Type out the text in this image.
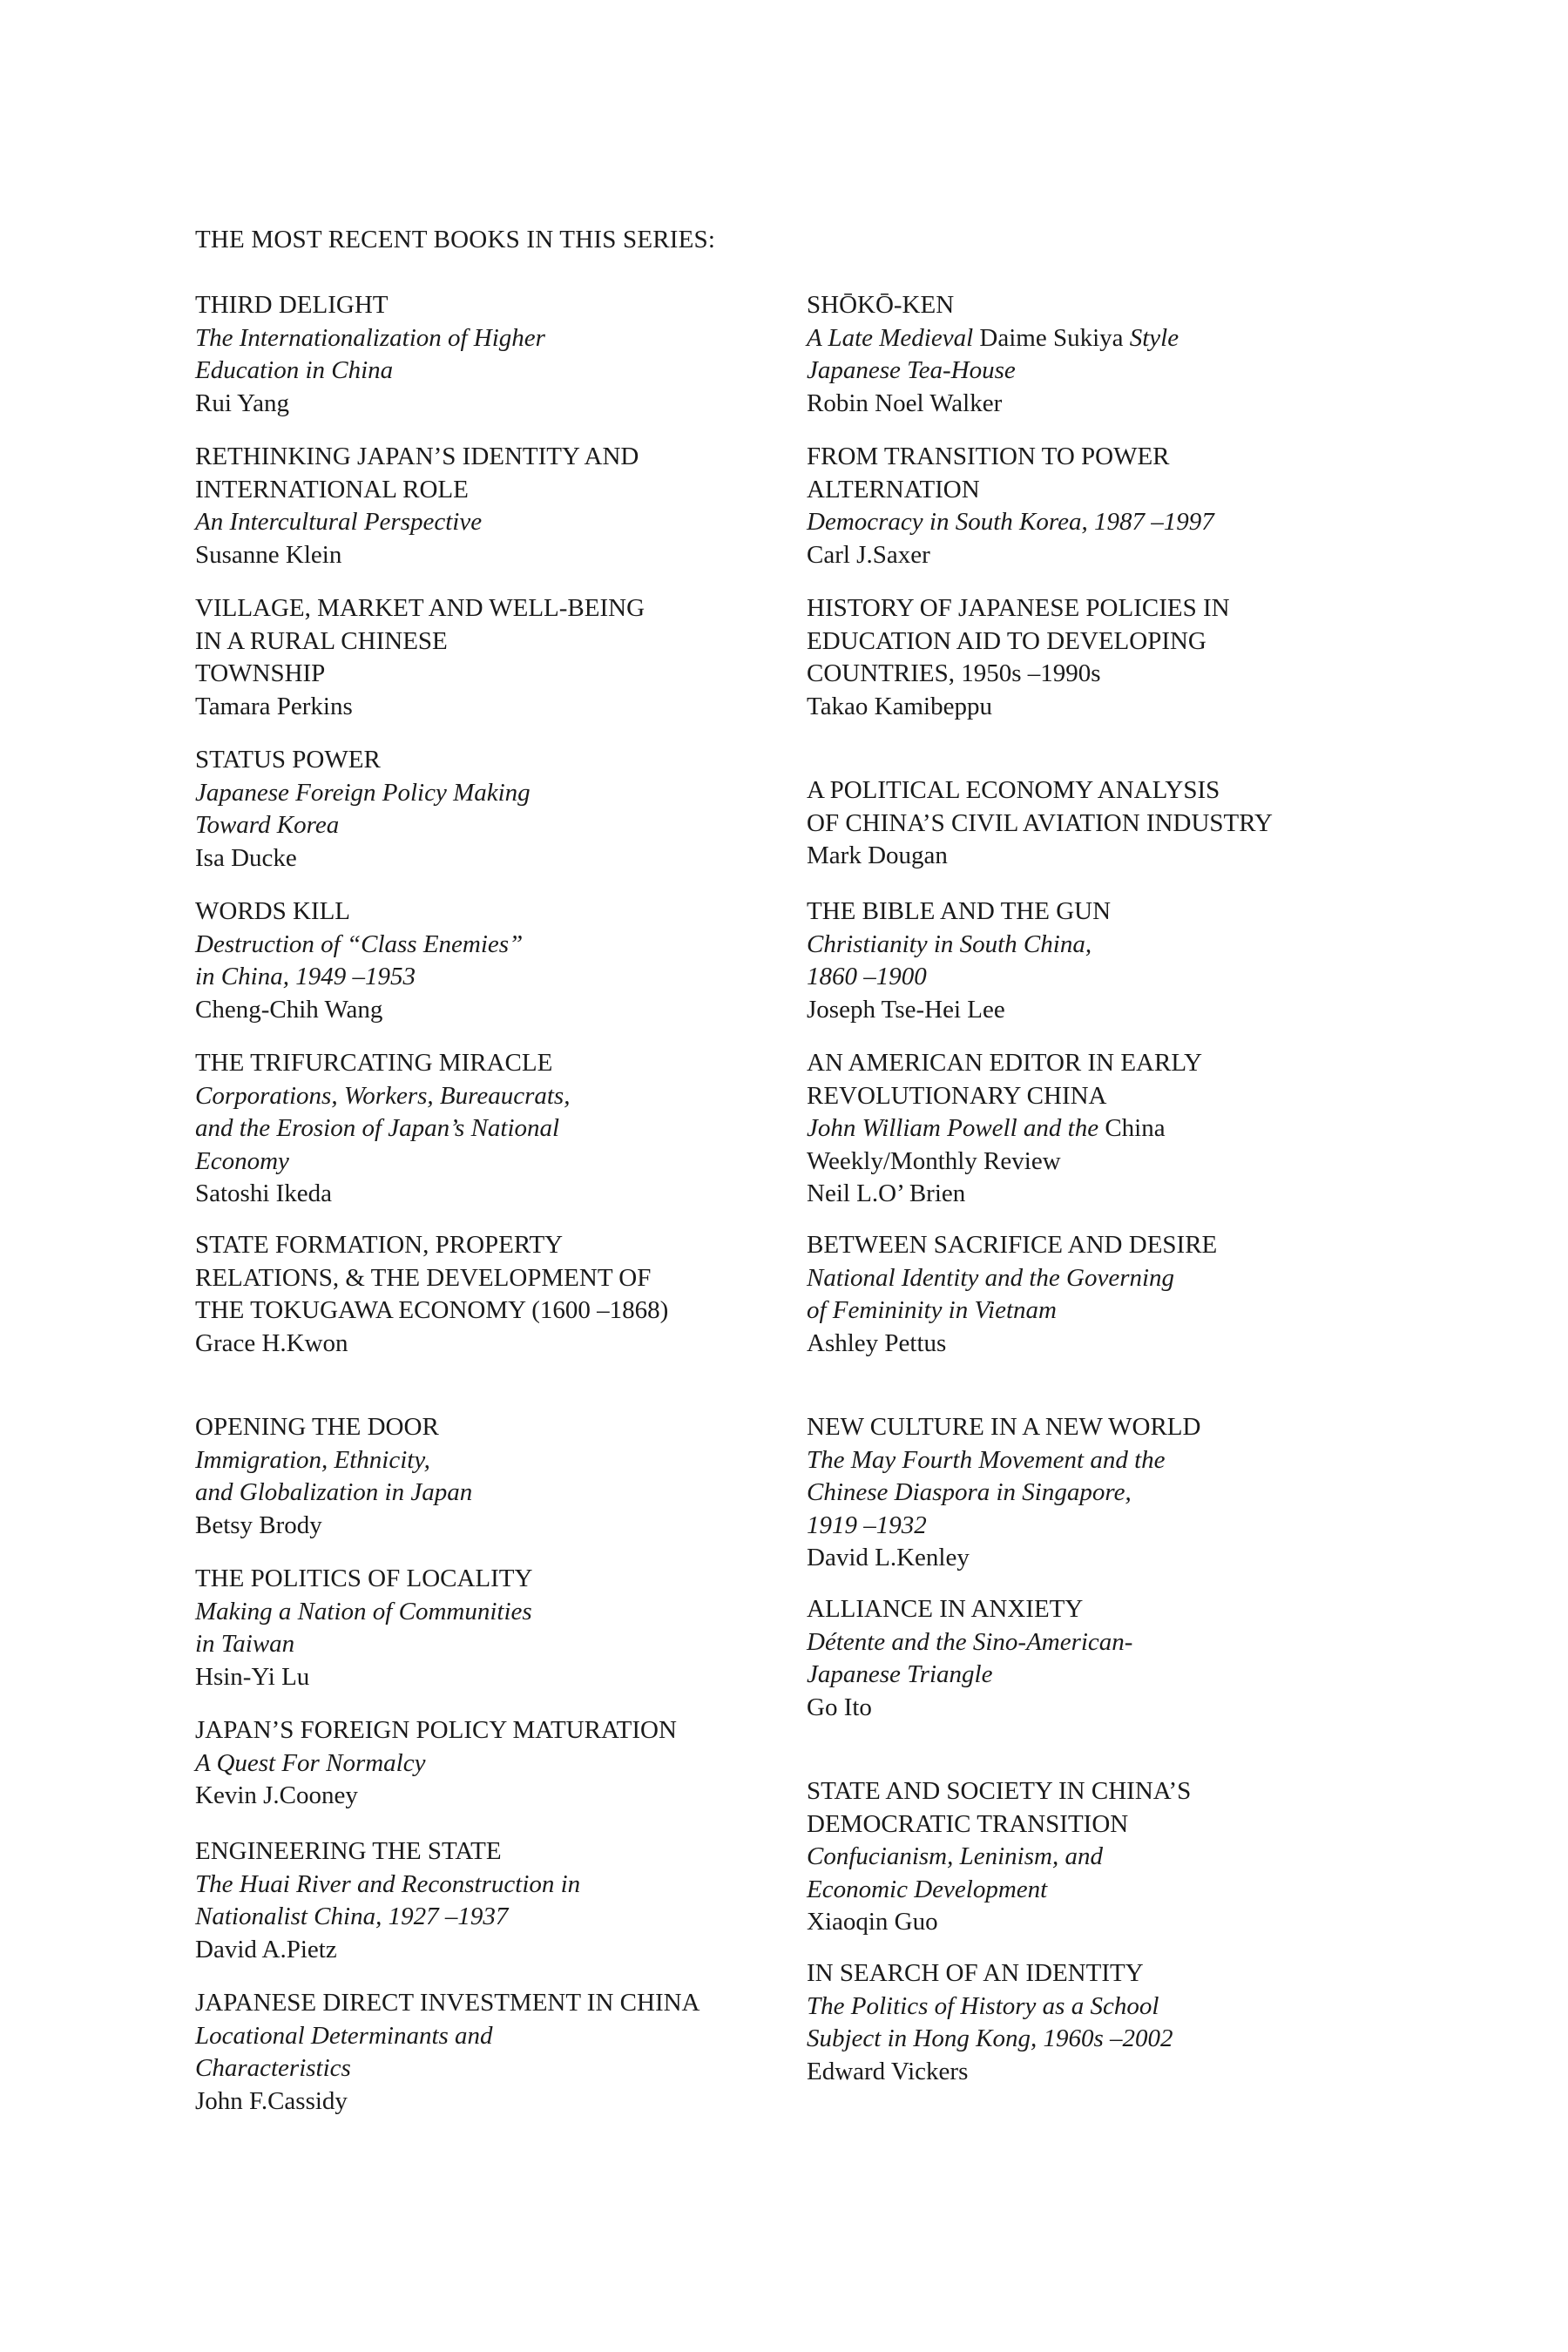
THE MOST RECENT BOOKS IN THIS SERIES:
THIRD DELIGHT
The Internationalization of Higher
Education in China
Rui Yang
RETHINKING JAPAN’S IDENTITY AND
INTERNATIONAL ROLE
An Intercultural Perspective
Susanne Klein
VILLAGE, MARKET AND WELL-BEING
IN A RURAL CHINESE
TOWNSHIP
Tamara Perkins
STATUS POWER
Japanese Foreign Policy Making
Toward Korea
Isa Ducke
WORDS KILL
Destruction of “Class Enemies”
in China, 1949 –1953
Cheng-Chih Wang
THE TRIFURCATING MIRACLE
Corporations, Workers, Bureaucrats,
and the Erosion of Japan’s National
Economy
Satoshi Ikeda
STATE FORMATION, PROPERTY
RELATIONS, & THE DEVELOPMENT OF
THE TOKUGAWA ECONOMY (1600 –1868)
Grace H.Kwon
OPENING THE DOOR
Immigration, Ethnicity,
and Globalization in Japan
Betsy Brody
THE POLITICS OF LOCALITY
Making a Nation of Communities
in Taiwan
Hsin-Yi Lu
JAPAN’S FOREIGN POLICY MATURATION
A Quest For Normalcy
Kevin J.Cooney
ENGINEERING THE STATE
The Huai River and Reconstruction in
Nationalist China, 1927 –1937
David A.Pietz
JAPANESE DIRECT INVESTMENT IN CHINA
Locational Determinants and
Characteristics
John F.Cassidy
SHŌKŌ-KEN
A Late Medieval Daime Sukiya Style
Japanese Tea-House
Robin Noel Walker
FROM TRANSITION TO POWER
ALTERNATION
Democracy in South Korea, 1987 –1997
Carl J.Saxer
HISTORY OF JAPANESE POLICIES IN
EDUCATION AID TO DEVELOPING
COUNTRIES, 1950s –1990s
Takao Kamibeppu
A POLITICAL ECONOMY ANALYSIS
OF CHINA’S CIVIL AVIATION INDUSTRY
Mark Dougan
THE BIBLE AND THE GUN
Christianity in South China,
1860 –1900
Joseph Tse-Hei Lee
AN AMERICAN EDITOR IN EARLY
REVOLUTIONARY CHINA
John William Powell and the China
Weekly/Monthly Review
Neil L.O’ Brien
BETWEEN SACRIFICE AND DESIRE
National Identity and the Governing
of Femininity in Vietnam
Ashley Pettus
NEW CULTURE IN A NEW WORLD
The May Fourth Movement and the
Chinese Diaspora in Singapore,
1919 –1932
David L.Kenley
ALLIANCE IN ANXIETY
Détente and the Sino-American-
Japanese Triangle
Go Ito
STATE AND SOCIETY IN CHINA’S
DEMOCRATIC TRANSITION
Confucianism, Leninism, and
Economic Development
Xiaoqin Guo
IN SEARCH OF AN IDENTITY
The Politics of History as a School
Subject in Hong Kong, 1960s –2002
Edward Vickers
